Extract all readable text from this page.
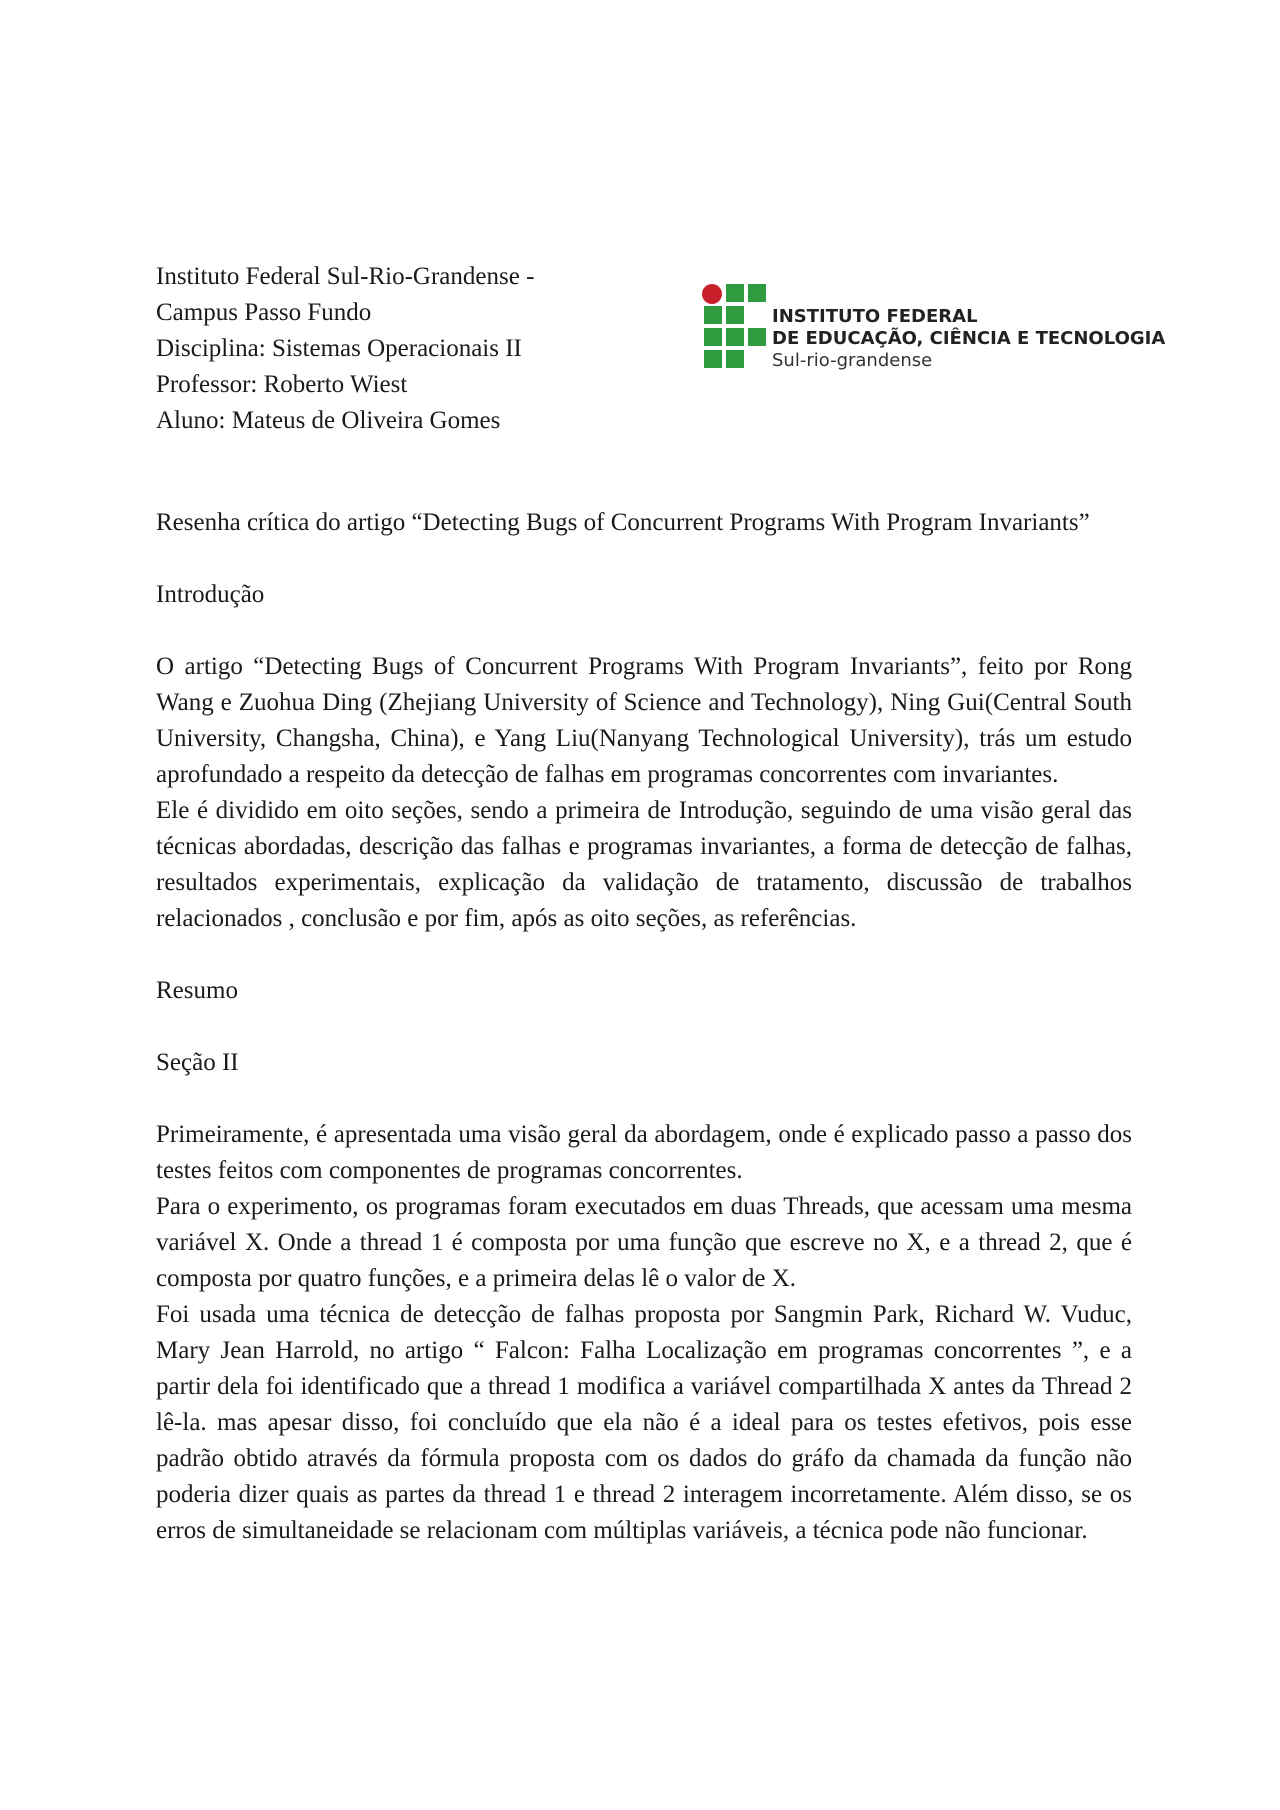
Instituto Federal Sul-Rio-Grandense -
Campus Passo Fundo
Disciplina: Sistemas Operacionais II
Professor: Roberto Wiest
Aluno: Mateus de Oliveira Gomes
INSTITUTO FEDERAL
DE EDUCAÇÃO, CIÊNCIA E TECNOLOGIA
Sul-rio-grandense

Resenha crítica do artigo “Detecting Bugs of Concurrent Programs With Program Invariants”

Introdução

O artigo “Detecting Bugs of Concurrent Programs With Program Invariants”, feito por Rong Wang e Zuohua Ding (Zhejiang University of Science and Technology), Ning Gui(Central South University, Changsha, China), e Yang Liu(Nanyang Technological University), trás um estudo aprofundado a respeito da detecção de falhas em programas concorrentes com invariantes.

Ele é dividido em oito seções, sendo a primeira de Introdução, seguindo de uma visão geral das técnicas abordadas, descrição das falhas e programas invariantes, a forma de detecção de falhas, resultados experimentais, explicação da validação de tratamento, discussão de trabalhos relacionados , conclusão e por fim, após as oito seções, as referências.

Resumo

Seção II

Primeiramente, é apresentada uma visão geral da abordagem, onde é explicado passo a passo dos testes feitos com componentes de programas concorrentes.

Para o experimento, os programas foram executados em duas Threads, que acessam uma mesma variável X. Onde a thread 1 é composta por uma função que escreve no X, e a thread 2, que é composta por quatro funções, e a primeira delas lê o valor de X.

Foi usada uma técnica de detecção de falhas proposta por Sangmin Park, Richard W. Vuduc, Mary Jean Harrold, no artigo “ Falcon: Falha Localização em programas concorrentes ”, e a partir dela foi identificado que a thread 1 modifica a variável compartilhada X antes da Thread 2 lê-la. mas apesar disso, foi concluído que ela não é a ideal para os testes efetivos, pois esse padrão obtido através da fórmula proposta com os dados do gráfo da chamada da função não poderia dizer quais as partes da thread 1 e thread 2 interagem incorretamente. Além disso, se os erros de simultaneidade se relacionam com múltiplas variáveis, a técnica pode não funcionar.
